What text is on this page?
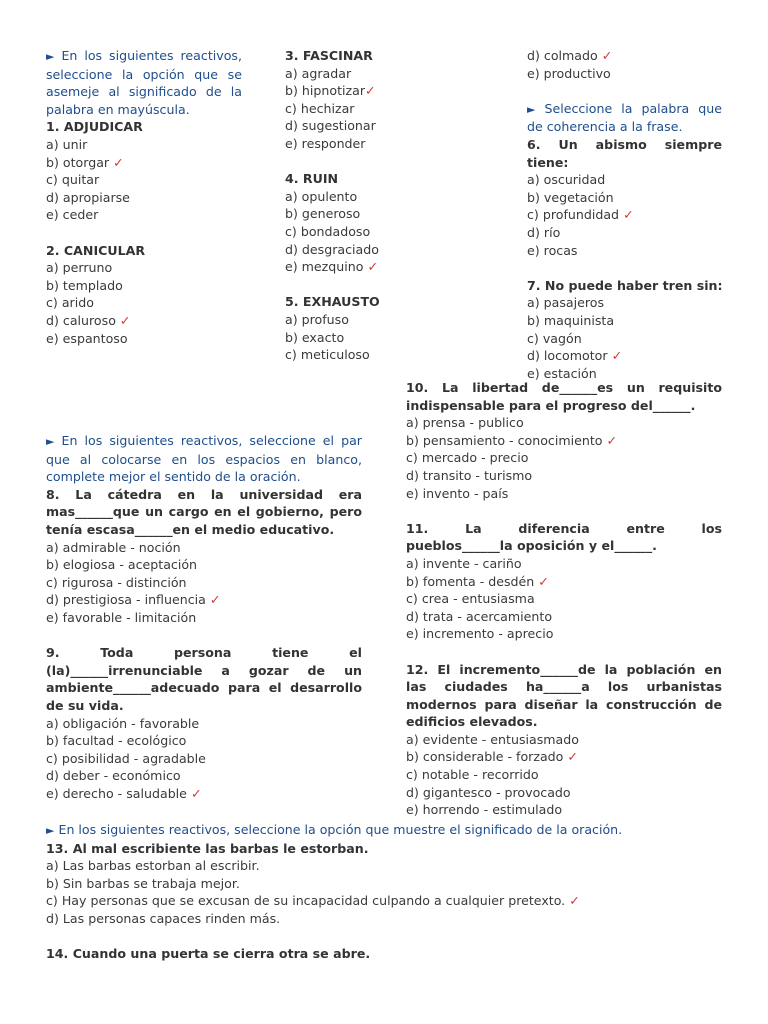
► En los siguientes reactivos,
seleccione la opción que se
asemeje al significado de la
palabra en mayúscula.
1. ADJUDICAR
a) unir
b) otorgar ✓
c) quitar
d) apropiarse
e) ceder
2. CANICULAR
a) perruno
b) templado
c) arido
d) caluroso ✓
e) espantoso
3. FASCINAR
a) agradar
b) hipnotizar✓
c) hechizar
d) sugestionar
e) responder
4. RUIN
a) opulento
b) generoso
c) bondadoso
d) desgraciado
e) mezquino ✓
5. EXHAUSTO
a) profuso
b) exacto
c) meticuloso
d) colmado ✓
e) productivo
► Seleccione la palabra que
de coherencia a la frase.
6. Un abismo siempre
tiene:
a) oscuridad
b) vegetación
c) profundidad ✓
d) río
e) rocas
7. No puede haber tren sin:
a) pasajeros
b) maquinista
c) vagón
d) locomotor ✓
e) estación
► En los siguientes reactivos, seleccione el par
que al colocarse en los espacios en blanco,
complete mejor el sentido de la oración.
8. La cátedra en la universidad era
mas______que un cargo en el gobierno, pero
tenía escasa______en el medio educativo.
a) admirable - noción
b) elogiosa - aceptación
c) rigurosa - distinción
d) prestigiosa - influencia ✓
e) favorable - limitación
9. Toda persona tiene el
(la)______irrenunciable a gozar de un
ambiente______adecuado para el desarrollo
de su vida.
a) obligación - favorable
b) facultad - ecológico
c) posibilidad - agradable
d) deber - económico
e) derecho - saludable ✓
10. La libertad de______es un requisito
indispensable para el progreso del______.
a) prensa - publico
b) pensamiento - conocimiento ✓
c) mercado - precio
d) transito - turismo
e) invento - país
11. La diferencia entre los
pueblos______la oposición y el______.
a) invente - cariño
b) fomenta - desdén ✓
c) crea - entusiasma
d) trata - acercamiento
e) incremento - aprecio
12. El incremento______de la población en
las ciudades ha______a los urbanistas
modernos para diseñar la construcción de
edificios elevados.
a) evidente - entusiasmado
b) considerable - forzado ✓
c) notable - recorrido
d) gigantesco - provocado
e) horrendo - estimulado
► En los siguientes reactivos, seleccione la opción que muestre el significado de la oración.
13. Al mal escribiente las barbas le estorban.
a) Las barbas estorban al escribir.
b) Sin barbas se trabaja mejor.
c) Hay personas que se excusan de su incapacidad culpando a cualquier pretexto. ✓
d) Las personas capaces rinden más.
14. Cuando una puerta se cierra otra se abre.
